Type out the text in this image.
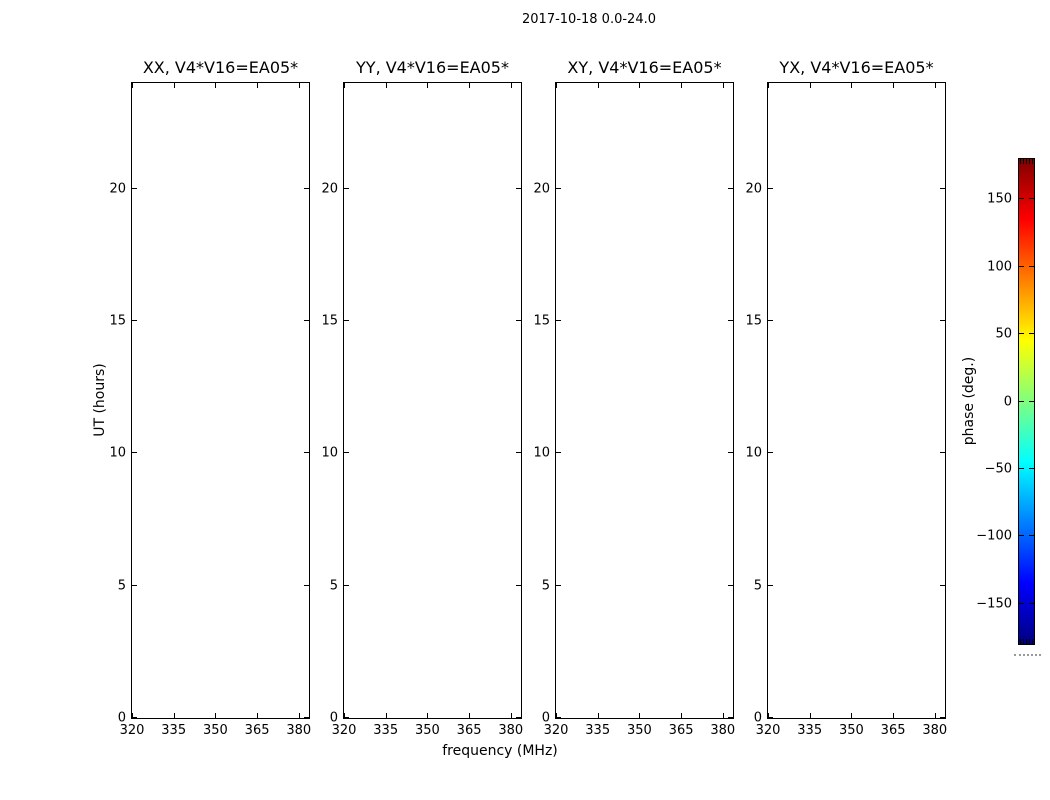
2017-10-18 0.0-24.0
XX, V4*V16=EA05*
20
15
10
5
0
320 335 350 365 380
YY, V4*V16=EA05*
20
15
10
5
0
320 335 350 365 380
XY, V4*V16=EA05*
20
15
10
5
0
320 335 350 365 380
YX, V4*V16=EA05*
20
15
10
5
0
320 335 350 365 380
UT (hours)
frequency (MHz)
150
100
50
0
−50
−100
−150
phase (deg.)
